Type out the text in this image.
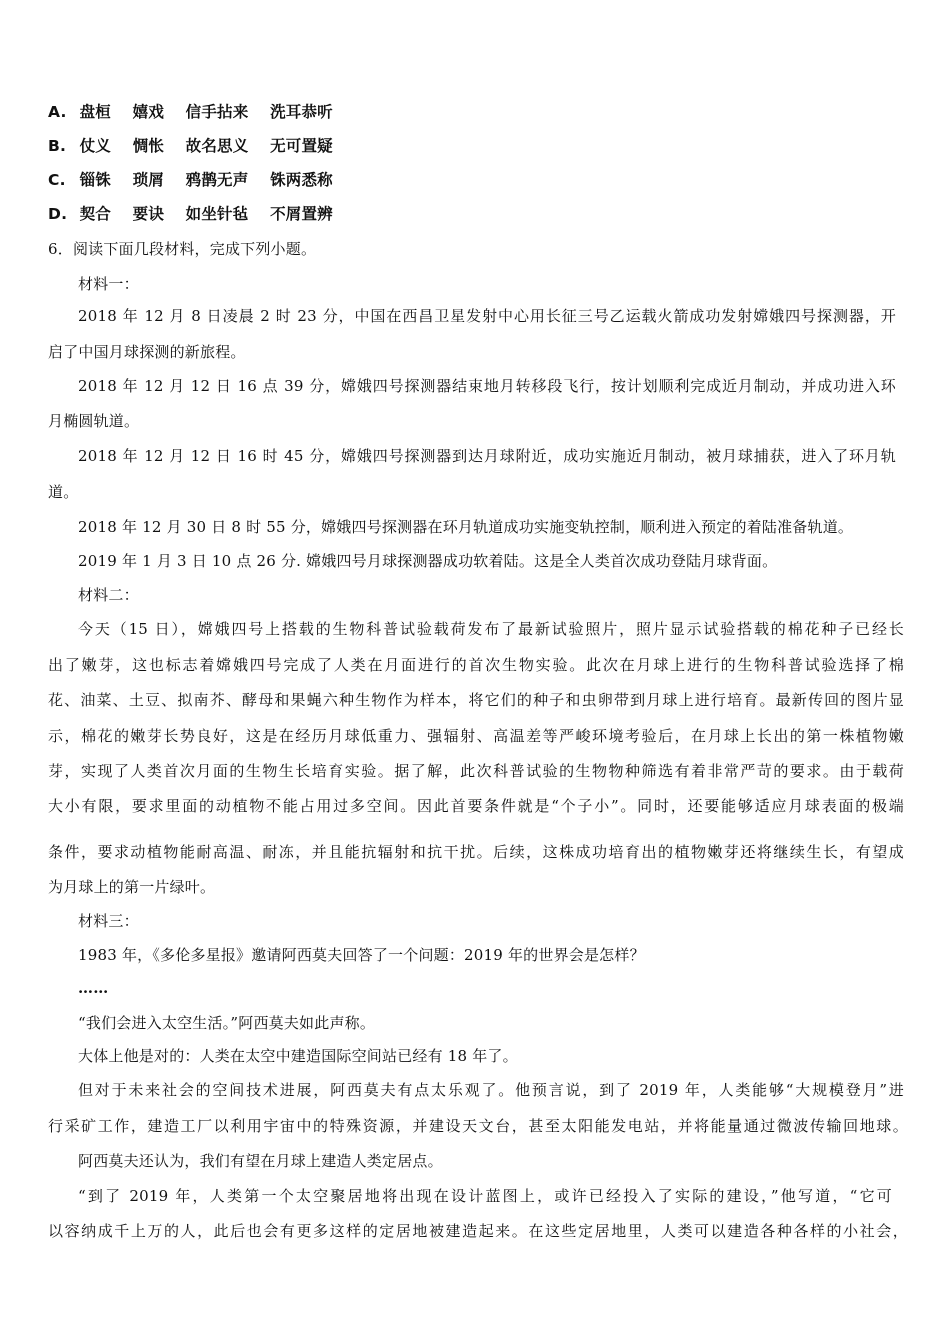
A. 盘桓 嬉戏 信手拈来 洗耳恭听
B. 仗义 惆怅 故名思义 无可置疑
C. 锱铢 琐屑 鸦鹊无声 铢两悉称
D. 契合 要诀 如坐针毡 不屑置辨
6．阅读下面几段材料，完成下列小题。
材料一：
2018 年 12 月 8 日凌晨 2 时 23 分，中国在西昌卫星发射中心用长征三号乙运载火箭成功发射嫦娥四号探测器，开
启了中国月球探测的新旅程。
2018 年 12 月 12 日 16 点 39 分，嫦娥四号探测器结束地月转移段飞行，按计划顺利完成近月制动，并成功进入环
月椭圆轨道。
2018 年 12 月 12 日 16 时 45 分，嫦娥四号探测器到达月球附近，成功实施近月制动，被月球捕获，进入了环月轨
道。
2018 年 12 月 30 日 8 时 55 分，嫦娥四号探测器在环月轨道成功实施变轨控制，顺利进入预定的着陆准备轨道。
2019 年 1 月 3 日 10 点 26 分. 嫦娥四号月球探测器成功软着陆。这是全人类首次成功登陆月球背面。
材料二：
今天（15 日），嫦娥四号上搭载的生物科普试验载荷发布了最新试验照片，照片显示试验搭载的棉花种子已经长
出了嫩芽，这也标志着嫦娥四号完成了人类在月面进行的首次生物实验。此次在月球上进行的生物科普试验选择了棉
花、油菜、土豆、拟南芥、酵母和果蝇六种生物作为样本，将它们的种子和虫卵带到月球上进行培育。最新传回的图片显
示，棉花的嫩芽长势良好，这是在经历月球低重力、强辐射、高温差等严峻环境考验后，在月球上长出的第一株植物嫩
芽，实现了人类首次月面的生物生长培育实验。据了解，此次科普试验的生物物种筛选有着非常严苛的要求。由于载荷
大小有限，要求里面的动植物不能占用过多空间。因此首要条件就是“个子小”。同时，还要能够适应月球表面的极端
条件，要求动植物能耐高温、耐冻，并且能抗辐射和抗干扰。后续，这株成功培育出的植物嫩芽还将继续生长，有望成
为月球上的第一片绿叶。
材料三：
1983 年，《多伦多星报》邀请阿西莫夫回答了一个问题：2019 年的世界会是怎样？
……
“我们会进入太空生活。”阿西莫夫如此声称。
大体上他是对的：人类在太空中建造国际空间站已经有 18 年了。
但对于未来社会的空间技术进展，阿西莫夫有点太乐观了。他预言说，到了 2019 年，人类能够“大规模登月”进
行采矿工作，建造工厂以利用宇宙中的特殊资源，并建设天文台，甚至太阳能发电站，并将能量通过微波传输回地球。
阿西莫夫还认为，我们有望在月球上建造人类定居点。
“到了 2019 年，人类第一个太空聚居地将出现在设计蓝图上，或许已经投入了实际的建设，”他写道，“它可
以容纳成千上万的人，此后也会有更多这样的定居地被建造起来。在这些定居地里，人类可以建造各种各样的小社会，
